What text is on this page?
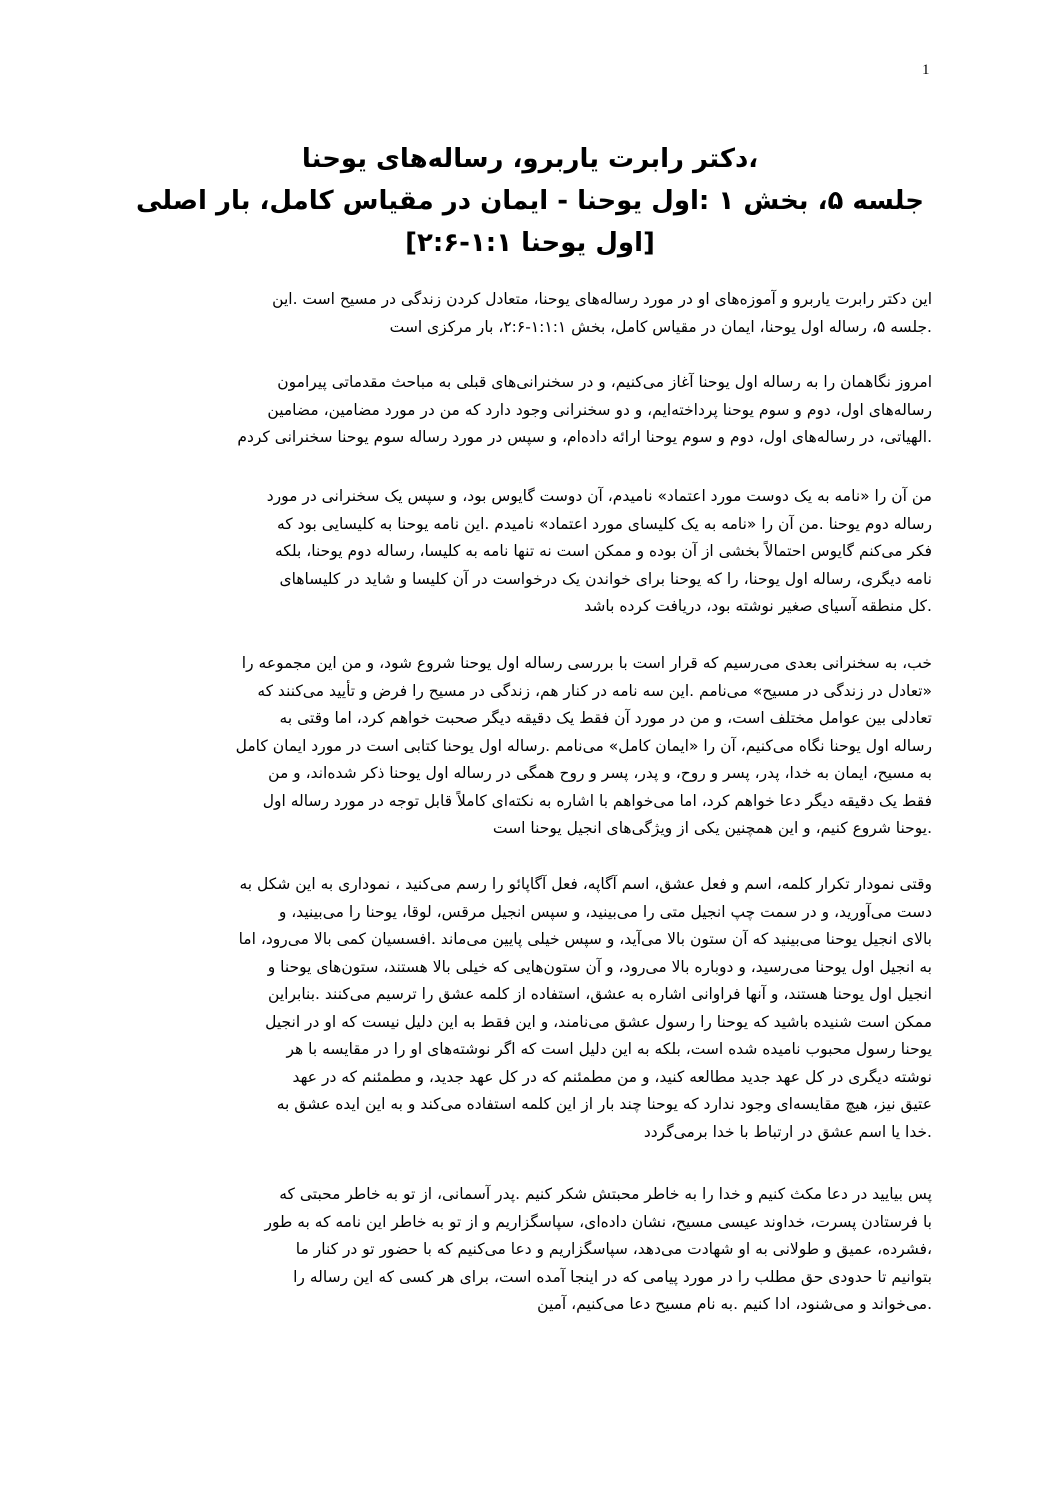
1
،دکتر رابرت یاربرو، رساله‌های یوحنا
جلسه ۵، بخش ۱ :اول یوحنا - ایمان در مقیاس کامل، بار اصلی
[اول یوحنا ۱:۱-۲:۶]
این دکتر رابرت یاربرو و آموزه‌های او در مورد رساله‌های یوحنا، متعادل کردن زندگی در مسیح است .این
.جلسه ۵، رساله اول یوحنا، ایمان در مقیاس کامل، بخش ۱:۱:۱-۲:۶، بار مرکزی است
امروز نگاهمان را به رساله اول یوحنا آغاز می‌کنیم، و در سخنرانی‌های قبلی به مباحث مقدماتی پیرامون
رساله‌های اول، دوم و سوم یوحنا پرداخته‌ایم، و دو سخنرانی وجود دارد که من در مورد مضامین، مضامین
.الهیاتی، در رساله‌های اول، دوم و سوم یوحنا ارائه داده‌ام، و سپس در مورد رساله سوم یوحنا سخنرانی کردم
من آن را «نامه به یک دوست مورد اعتماد» نامیدم، آن دوست گایوس بود، و سپس یک سخنرانی در مورد
رساله دوم یوحنا .من آن را «نامه به یک کلیسای مورد اعتماد» نامیدم .این نامه یوحنا به کلیسایی بود که
فکر می‌کنم گایوس احتمالاً بخشی از آن بوده و ممکن است نه تنها نامه به کلیسا، رساله دوم یوحنا، بلکه
نامه دیگری، رساله اول یوحنا، را که یوحنا برای خواندن یک درخواست در آن کلیسا و شاید در کلیساهای
.کل منطقه آسیای صغیر نوشته بود، دریافت کرده باشد
خب، به سخنرانی بعدی می‌رسیم که قرار است با بررسی رساله اول یوحنا شروع شود، و من این مجموعه را
«تعادل در زندگی در مسیح» می‌نامم .این سه نامه در کنار هم، زندگی در مسیح را فرض و تأیید می‌کنند که
تعادلی بین عوامل مختلف است، و من در مورد آن فقط یک دقیقه دیگر صحبت خواهم کرد، اما وقتی به
رساله اول یوحنا نگاه می‌کنیم، آن را «ایمان کامل» می‌نامم .رساله اول یوحنا کتابی است در مورد ایمان کامل
به مسیح، ایمان به خدا، پدر، پسر و روح، و پدر، پسر و روح همگی در رساله اول یوحنا ذکر شده‌اند، و من
فقط یک دقیقه دیگر دعا خواهم کرد، اما می‌خواهم با اشاره به نکته‌ای کاملاً قابل توجه در مورد رساله اول
.یوحنا شروع کنیم، و این همچنین یکی از ویژگی‌های انجیل یوحنا است
وقتی نمودار تکرار کلمه، اسم و فعل عشق، اسم آگاپه، فعل آگاپائو را رسم می‌کنید ، نموداری به این شکل به
دست می‌آورید، و در سمت چپ انجیل متی را می‌بینید، و سپس انجیل مرقس، لوقا، یوحنا را می‌بینید، و
بالای انجیل یوحنا می‌بینید که آن ستون بالا می‌آید، و سپس خیلی پایین می‌ماند .افسسیان کمی بالا می‌رود، اما
به انجیل اول یوحنا می‌رسید، و دوباره بالا می‌رود، و آن ستون‌هایی که خیلی بالا هستند، ستون‌های یوحنا و
انجیل اول یوحنا هستند، و آنها فراوانی اشاره به عشق، استفاده از کلمه عشق را ترسیم می‌کنند .بنابراین
ممکن است شنیده باشید که یوحنا را رسول عشق می‌نامند، و این فقط به این دلیل نیست که او در انجیل
یوحنا رسول محبوب نامیده شده است، بلکه به این دلیل است که اگر نوشته‌های او را در مقایسه با هر
نوشته دیگری در کل عهد جدید مطالعه کنید، و من مطمئنم که در کل عهد جدید، و مطمئنم که در عهد
عتیق نیز، هیچ مقایسه‌ای وجود ندارد که یوحنا چند بار از این کلمه استفاده می‌کند و به این ایده عشق به
.خدا یا اسم عشق در ارتباط با خدا برمی‌گردد
پس بیایید در دعا مکث کنیم و خدا را به خاطر محبتش شکر کنیم .پدر آسمانی، از تو به خاطر محبتی که
با فرستادن پسرت، خداوند عیسی مسیح، نشان داده‌ای، سپاسگزاریم و از تو به خاطر این نامه که به طور
،فشرده، عمیق و طولانی به او شهادت می‌دهد، سپاسگزاریم و دعا می‌کنیم که با حضور تو در کنار ما
بتوانیم تا حدودی حق مطلب را در مورد پیامی که در اینجا آمده است، برای هر کسی که این رساله را
.می‌خواند و می‌شنود، ادا کنیم .به نام مسیح دعا می‌کنیم، آمین
